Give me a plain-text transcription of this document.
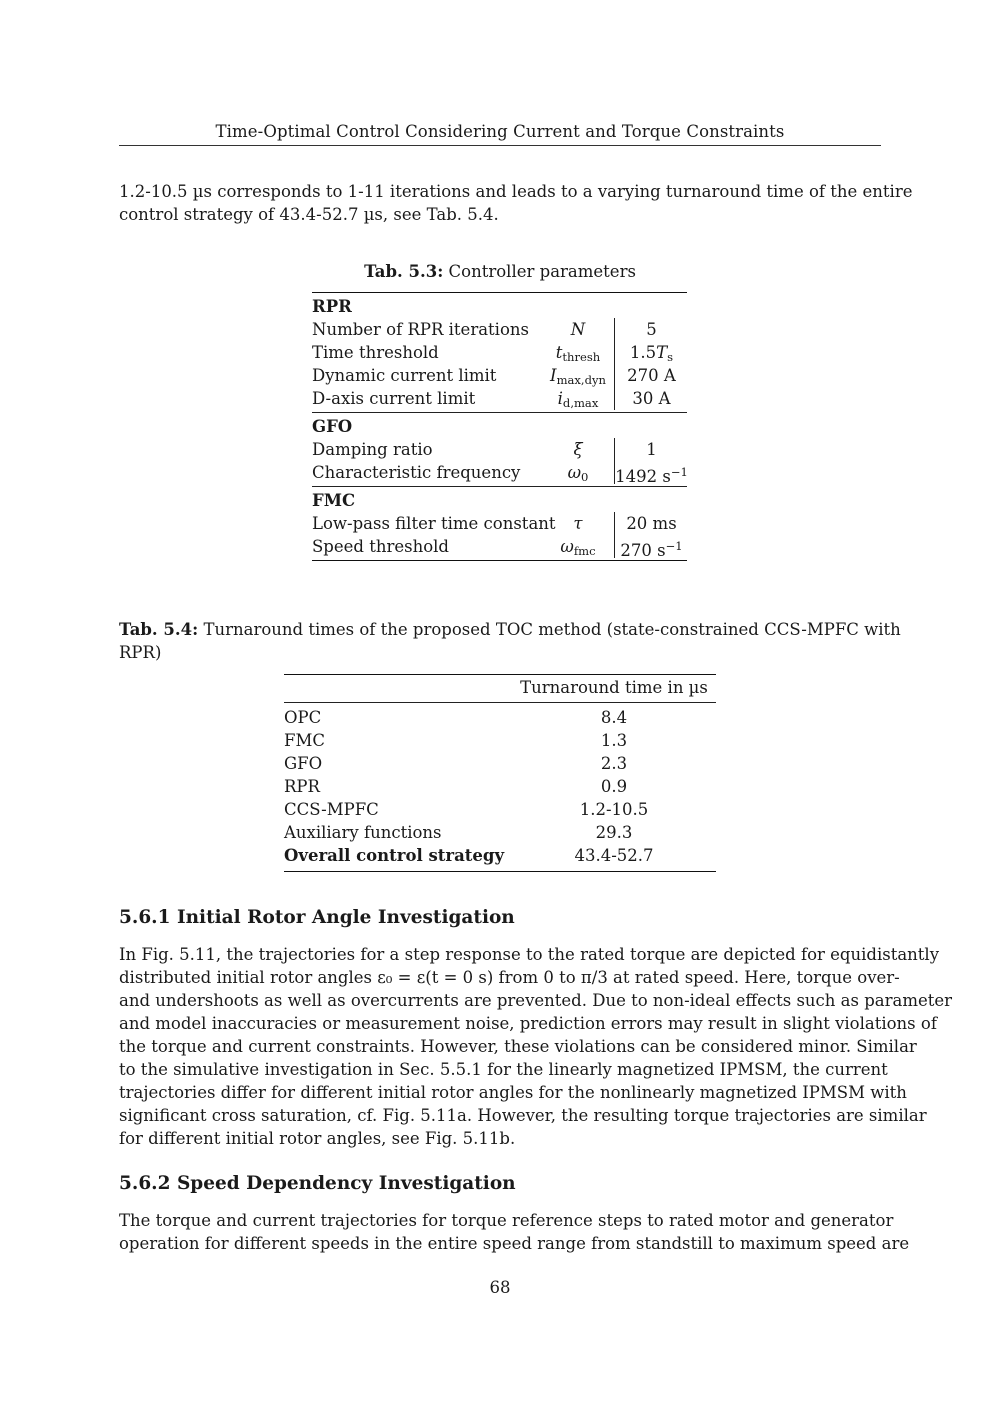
Time-Optimal Control Considering Current and Torque Constraints

1.2-10.5 µs corresponds to 1-11 iterations and leads to a varying turnaround time of the entire
control strategy of 43.4-52.7 µs, see Tab. 5.4.

Tab. 5.3: Controller parameters
RPR
Number of RPR iterations	N	5
Time threshold	$t_{thresh}$	$1.5T_s$
Dynamic current limit	$I_{max,dyn}$	270 A
D-axis current limit	$i_{d,max}$	30 A
GFO
Damping ratio	ξ	1
Characteristic frequency	$\omega_0$	1492 $s^{-1}$
FMC
Low-pass filter time constant	τ	20 ms
Speed threshold	$\omega_{fmc}$	270 $s^{-1}$
Tab. 5.4: Turnaround times of the proposed TOC method (state-constrained CCS-MPFC with
RPR)
Turnaround time in µs
OPC	8.4
FMC	1.3
GFO	2.3
RPR	0.9
CCS-MPFC	1.2-10.5
Auxiliary functions	29.3
Overall control strategy	43.4-52.7
5.6.1 Initial Rotor Angle Investigation

In Fig. 5.11, the trajectories for a step response to the rated torque are depicted for equidistantly
distributed initial rotor angles ε₀ = ε(t = 0 s) from 0 to π/3 at rated speed. Here, torque over-
and undershoots as well as overcurrents are prevented. Due to non-ideal effects such as parameter
and model inaccuracies or measurement noise, prediction errors may result in slight violations of
the torque and current constraints. However, these violations can be considered minor. Similar
to the simulative investigation in Sec. 5.5.1 for the linearly magnetized IPMSM, the current
trajectories differ for different initial rotor angles for the nonlinearly magnetized IPMSM with
significant cross saturation, cf. Fig. 5.11a. However, the resulting torque trajectories are similar
for different initial rotor angles, see Fig. 5.11b.

5.6.2 Speed Dependency Investigation

The torque and current trajectories for torque reference steps to rated motor and generator
operation for different speeds in the entire speed range from standstill to maximum speed are

68
